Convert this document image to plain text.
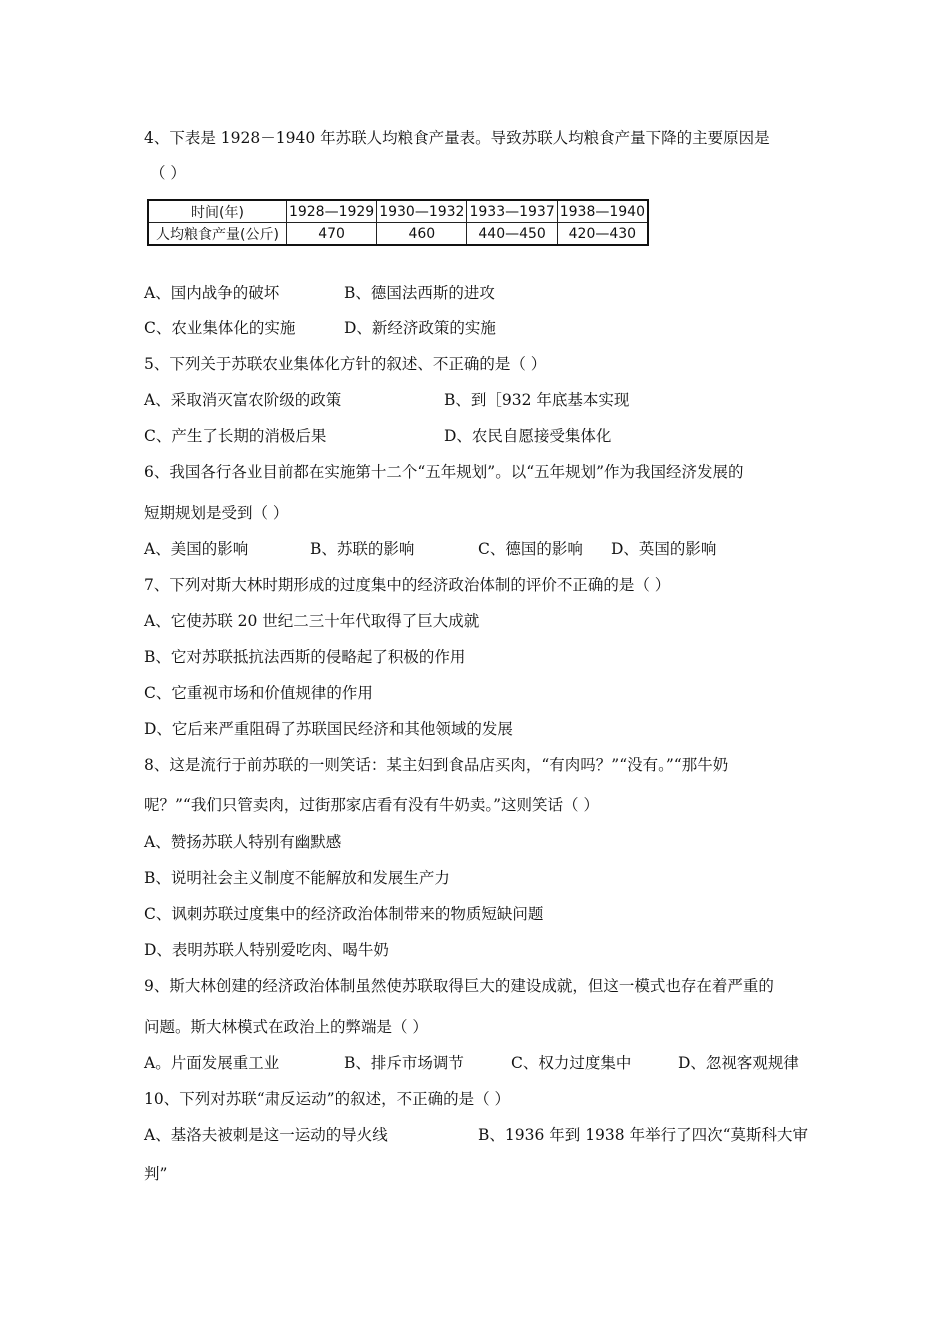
4、下表是 1928－1940 年苏联人均粮食产量表。导致苏联人均粮食产量下降的主要原因是
（ ）
时间(年)	1928—1929	1930—1932	1933—1937	1938—1940
人均粮食产量(公斤)	470	460	440—450	420—430
A、国内战争的破坏	B、德国法西斯的进攻
C、农业集体化的实施	D、新经济政策的实施
5、下列关于苏联农业集体化方针的叙述、不正确的是（ ）
A、采取消灭富农阶级的政策	B、到［932 年底基本实现
C、产生了长期的消极后果	D、农民自愿接受集体化
6、我国各行各业目前都在实施第十二个“五年规划”。以“五年规划”作为我国经济发展的
短期规划是受到（ ）
A、美国的影响	B、苏联的影响	C、德国的影响 D、英国的影响
7、下列对斯大林时期形成的过度集中的经济政治体制的评价不正确的是（ ）
A、它使苏联 20 世纪二三十年代取得了巨大成就
B、它对苏联抵抗法西斯的侵略起了积极的作用
C、它重视市场和价值规律的作用
D、它后来严重阻碍了苏联国民经济和其他领域的发展
8、这是流行于前苏联的一则笑话：某主妇到食品店买肉，“有肉吗？”“没有。”“那牛奶
呢？”“我们只管卖肉，过街那家店看有没有牛奶卖。”这则笑话（ ）
A、赞扬苏联人特别有幽默感
B、说明社会主义制度不能解放和发展生产力
C、讽刺苏联过度集中的经济政治体制带来的物质短缺问题
D、表明苏联人特别爱吃肉、喝牛奶
9、斯大林创建的经济政治体制虽然使苏联取得巨大的建设成就，但这一模式也存在着严重的
问题。斯大林模式在政治上的弊端是（ ）
A。片面发展重工业	B、排斥市场调节	C、权力过度集中	D、忽视客观规律
10、下列对苏联“肃反运动”的叙述，不正确的是（ ）
A、基洛夫被刺是这一运动的导火线	B、1936 年到 1938 年举行了四次“莫斯科大审
判”
